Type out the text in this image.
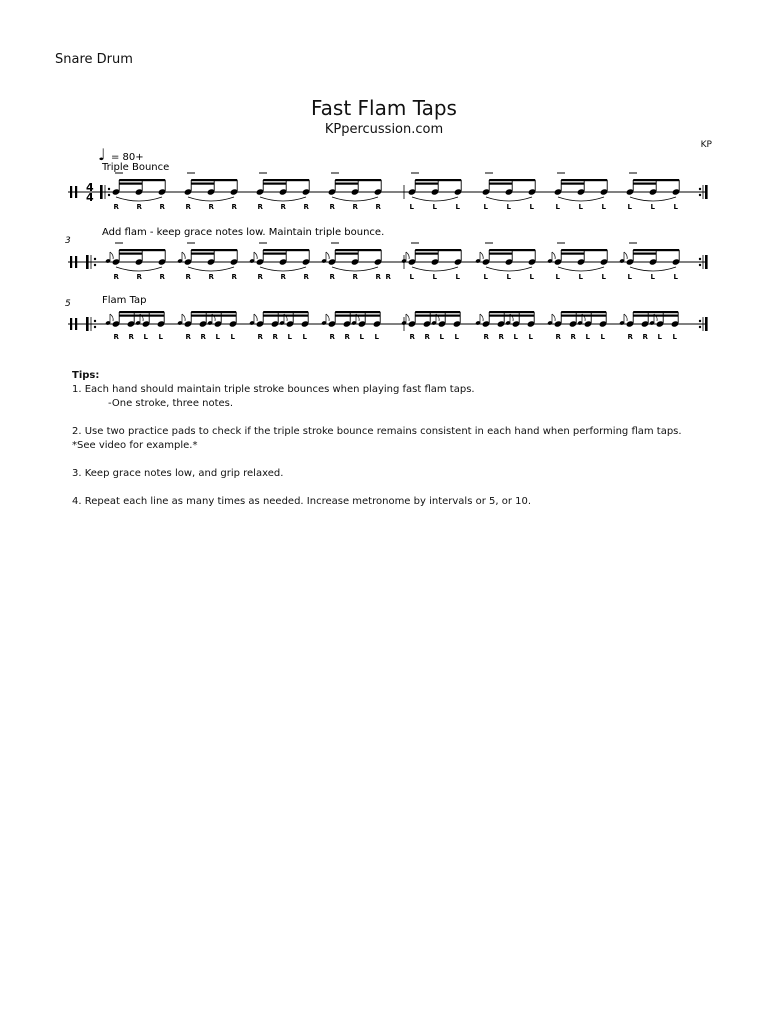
Snare Drum
Fast Flam Taps
KPpercussion.com
KP
♩ = 80+
4
4
Triple Bounce
R	R	R	R	R	R	R	R	R	R	R	R	L	L	L	L	L	L	L	L	L	L	L	L
3
Add flam - keep grace notes low. Maintain triple bounce.
R	R	R	R	R	R	R	R	R	R	R	R R	L	L	L	L	L	L	L	L	L	L	L	L
5	Flam Tap
R R L L	R R L L	R R L L	R R L L	R R L L	R R L L	R R L L	R R L L

Tips:

1. Each hand should maintain triple stroke bounces when playing fast flam taps.

-One stroke, three notes.

2. Use two practice pads to check if the triple stroke bounce remains consistent in each hand when performing flam taps.

*See video for example.*

3. Keep grace notes low, and grip relaxed.

4. Repeat each line as many times as needed. Increase metronome by intervals or 5, or 10.
